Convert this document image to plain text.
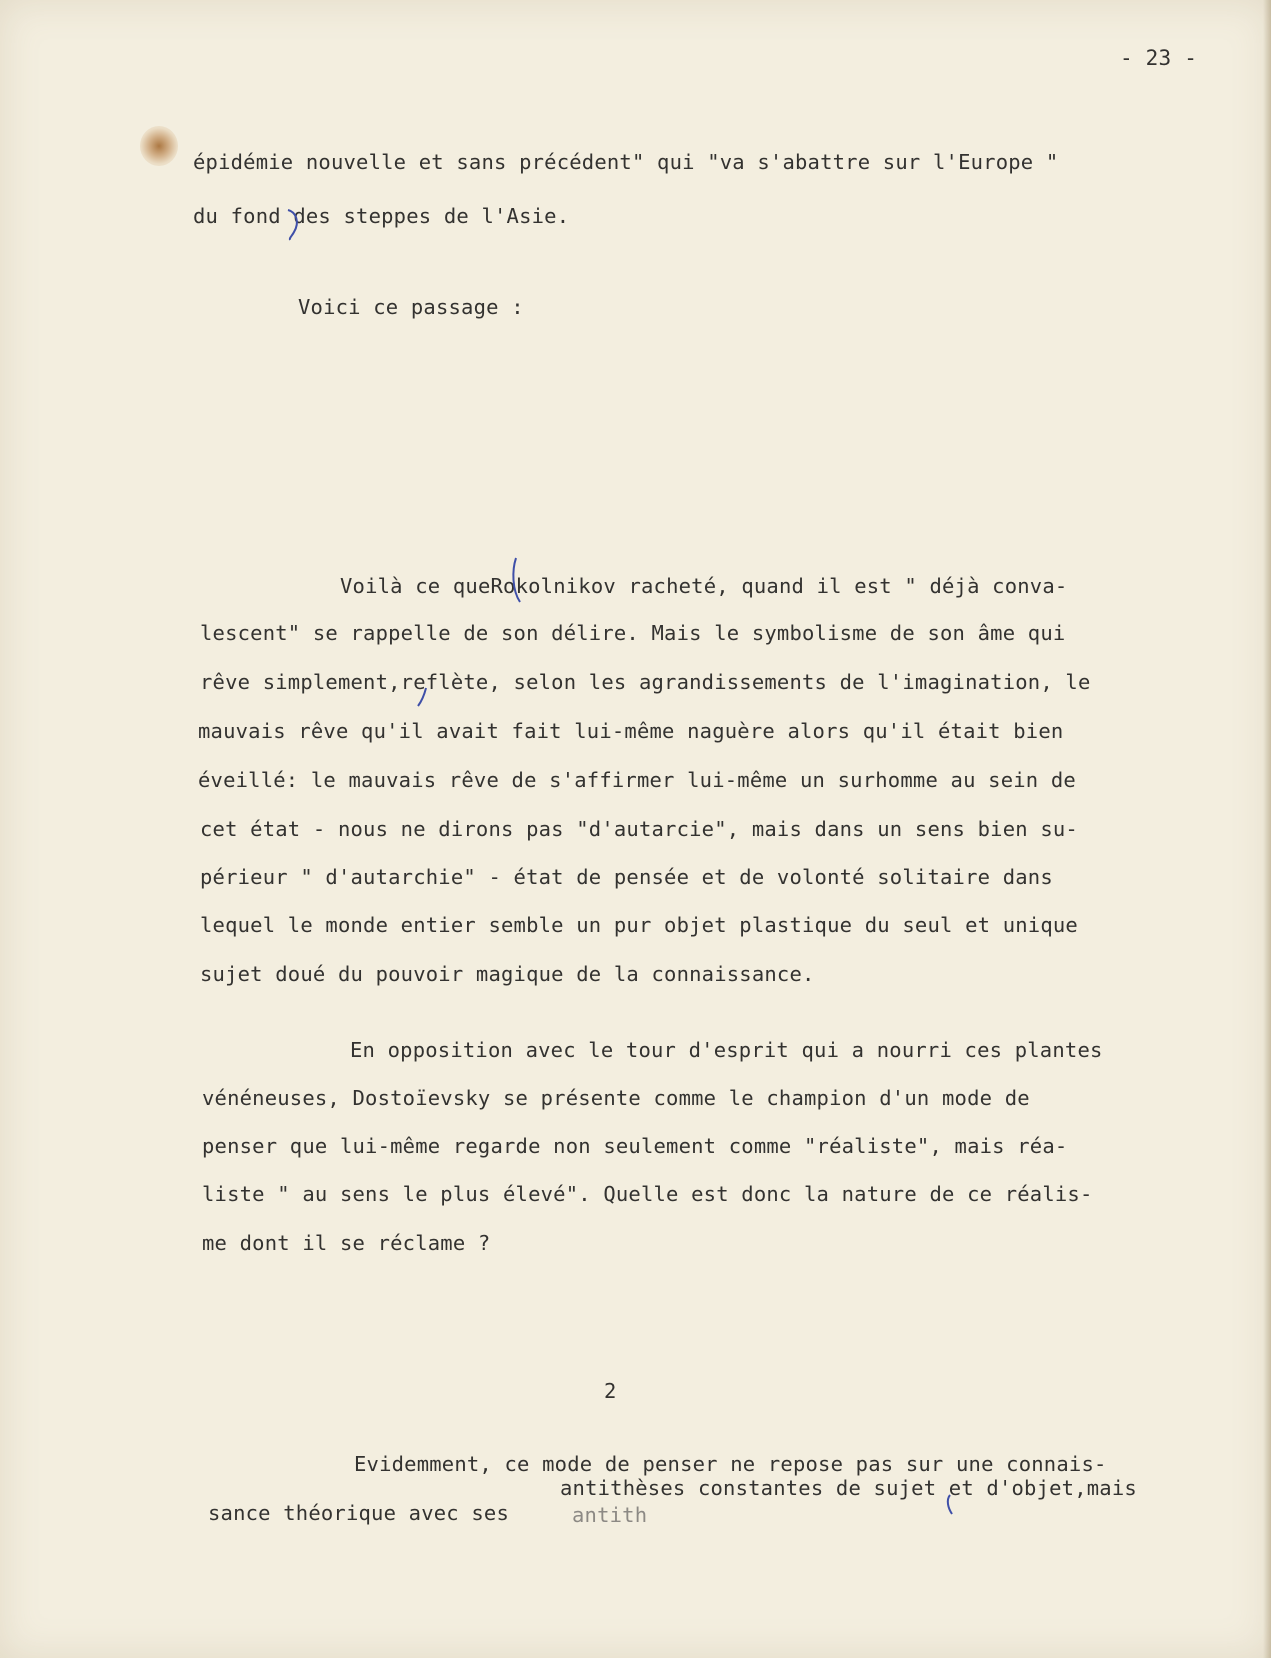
- 23 -
épidémie nouvelle et sans précédent" qui "va s'abattre sur l'Europe "
du fond des steppes de l'Asie.
Voici ce passage :
Voilà ce queRokolnikov racheté, quand il est " déjà conva-
lescent" se rappelle de son délire. Mais le symbolisme de son âme qui
rêve simplement,reflète, selon les agrandissements de l'imagination, le
mauvais rêve qu'il avait fait lui-même naguère alors qu'il était bien
éveillé: le mauvais rêve de s'affirmer lui-même un surhomme au sein de
cet état - nous ne dirons pas "d'autarcie", mais dans un sens bien su-
périeur " d'autarchie" - état de pensée et de volonté solitaire dans
lequel le monde entier semble un pur objet plastique du seul et unique
sujet doué du pouvoir magique de la connaissance.
En opposition avec le tour d'esprit qui a nourri ces plantes
vénéneuses, Dostoïevsky se présente comme le champion d'un mode de
penser que lui-même regarde non seulement comme "réaliste", mais réa-
liste " au sens le plus élevé". Quelle est donc la nature de ce réalis-
me dont il se réclame ?
2
Evidemment, ce mode de penser ne repose pas sur une connais-
antithèses constantes de sujet et d'objet,mais
sance théorique avec ses	antith
